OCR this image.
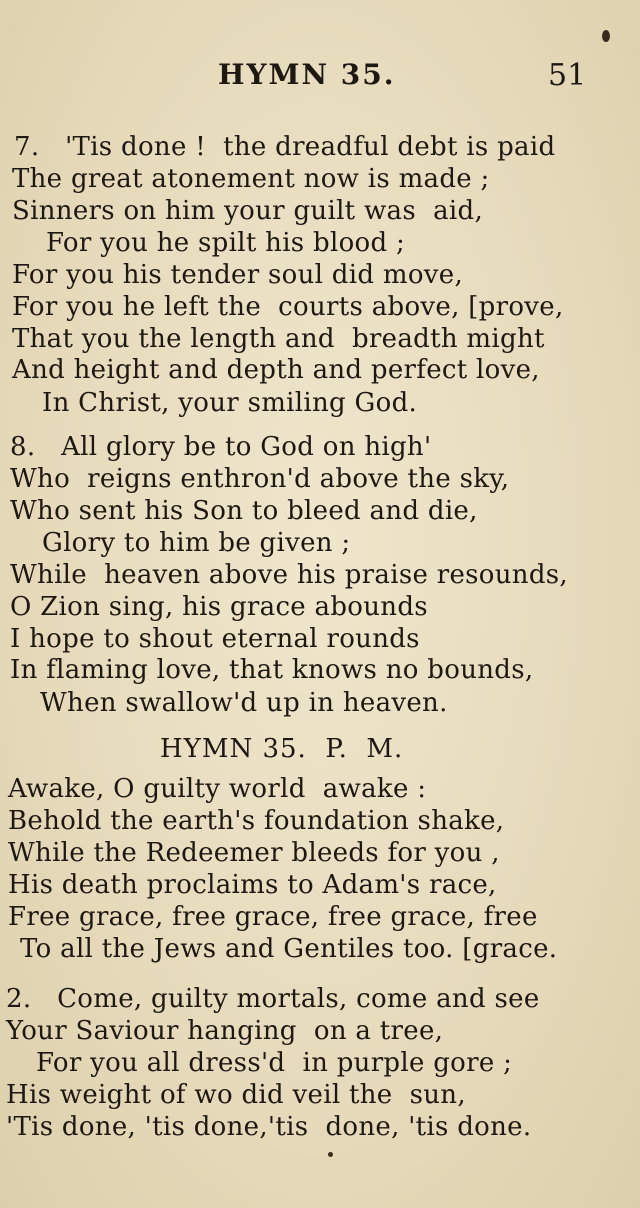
HYMN 35.	51
7.   'Tis done !  the dreadful debt is paid
The great atonement now is made ;
Sinners on him your guilt was  aid,
For you he spilt his blood ;
For you his tender soul did move,
For you he left the  courts above, [prove,
That you the length and  breadth might
And height and depth and perfect love,
In Christ, your smiling God.
8.   All glory be to God on high'
Who  reigns enthron'd above the sky,
Who sent his Son to bleed and die,
Glory to him be given ;
While  heaven above his praise resounds,
O Zion sing, his grace abounds
I hope to shout eternal rounds
In flaming love, that knows no bounds,
When swallow'd up in heaven.
HYMN 35.  P.  M.
Awake, O guilty world  awake :
Behold the earth's foundation shake,
While the Redeemer bleeds for you ,
His death proclaims to Adam's race,
Free grace, free grace, free grace, free
To all the Jews and Gentiles too. [grace.
2.   Come, guilty mortals, come and see
Your Saviour hanging  on a tree,
For you all dress'd  in purple gore ;
His weight of wo did veil the  sun,
'Tis done, 'tis done,'tis  done, 'tis done.
